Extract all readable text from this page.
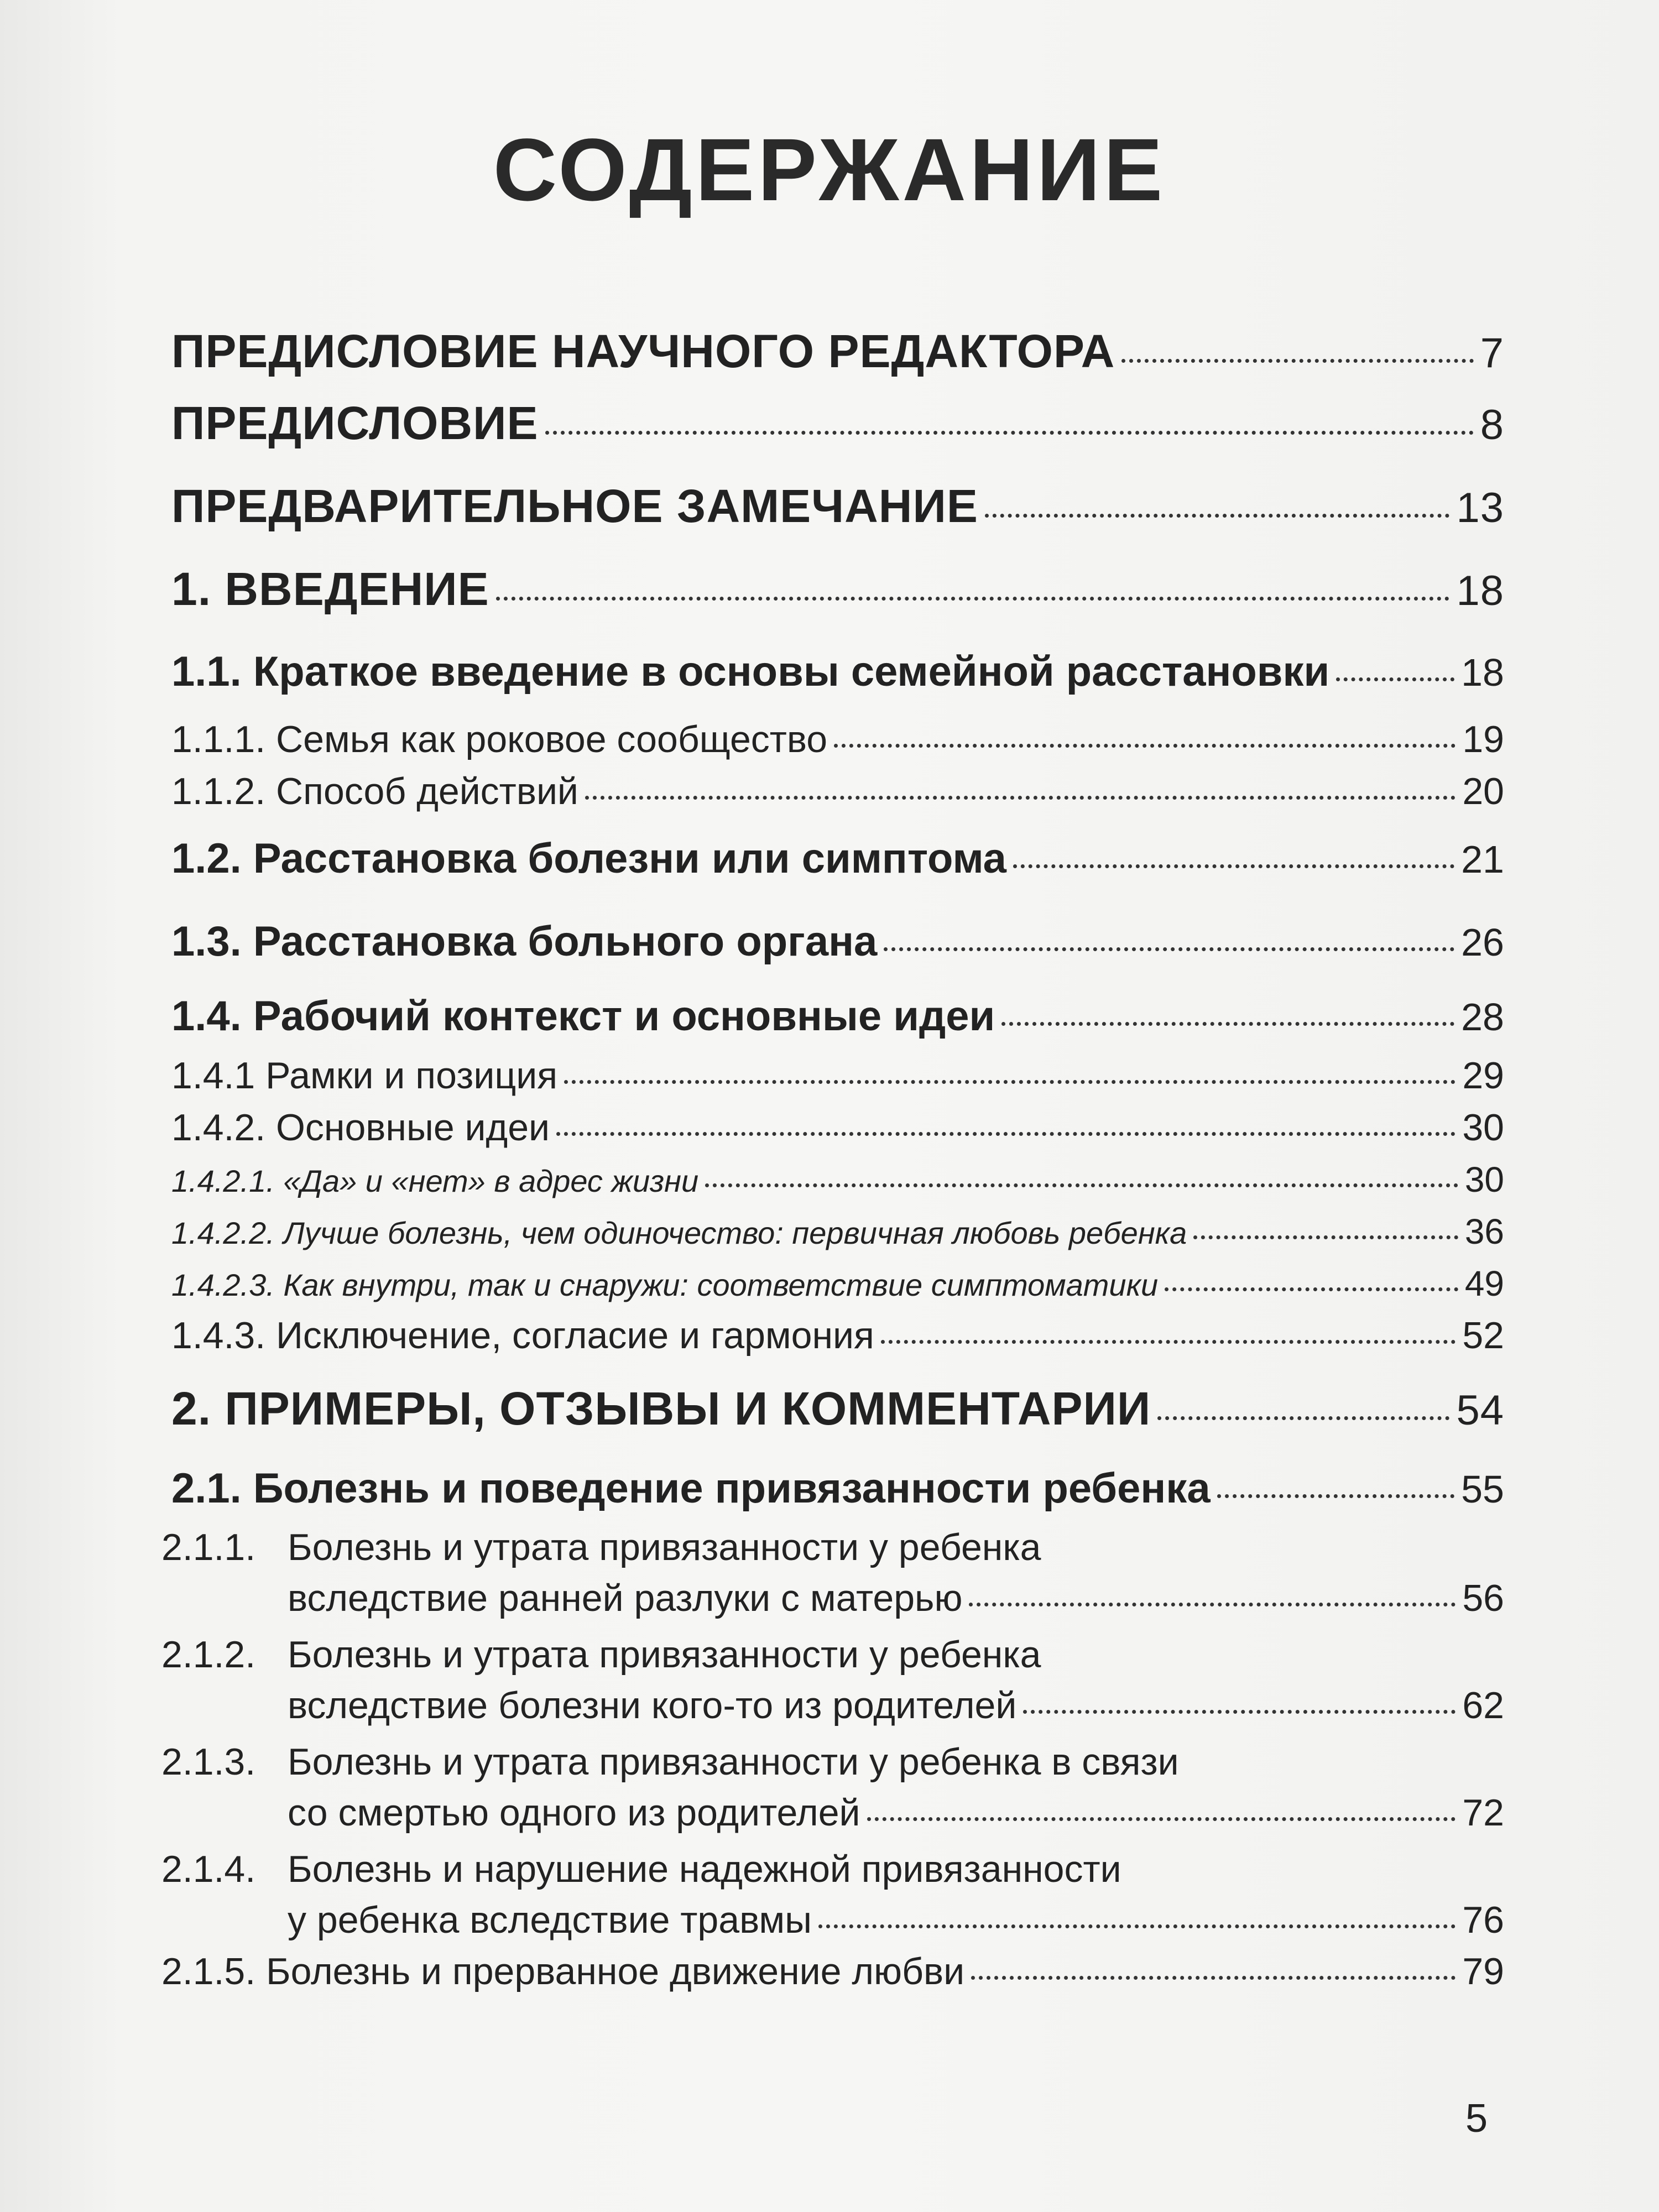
СОДЕРЖАНИЕ
ПРЕДИСЛОВИЕ НАУЧНОГО РЕДАКТОРА	7
ПРЕДИСЛОВИЕ	8
ПРЕДВАРИТЕЛЬНОЕ ЗАМЕЧАНИЕ	13
1. ВВЕДЕНИЕ	18
1.1. Краткое введение в основы семейной расстановки	18
1.1.1. Семья как роковое сообщество	19
1.1.2. Способ действий	20
1.2. Расстановка болезни или симптома	21
1.3. Расстановка больного органа	26
1.4. Рабочий контекст и основные идеи	28
1.4.1 Рамки и позиция	29
1.4.2. Основные идеи	30
1.4.2.1. «Да» и «нет» в адрес жизни	30
1.4.2.2. Лучше болезнь, чем одиночество: первичная любовь ребенка	36
1.4.2.3. Как внутри, так и снаружи: соответствие симптоматики	49
1.4.3. Исключение, согласие и гармония	52
2. ПРИМЕРЫ, ОТЗЫВЫ И КОММЕНТАРИИ	54
2.1. Болезнь и поведение привязанности ребенка	55
2.1.1. Болезнь и утрата привязанности у ребенка
вследствие ранней разлуки с матерью	56
2.1.2. Болезнь и утрата привязанности у ребенка
вследствие болезни кого-то из родителей	62
2.1.3. Болезнь и утрата привязанности у ребенка в связи
со смертью одного из родителей	72
2.1.4. Болезнь и нарушение надежной привязанности
у ребенка вследствие травмы	76
2.1.5. Болезнь и прерванное движение любви	79
5
